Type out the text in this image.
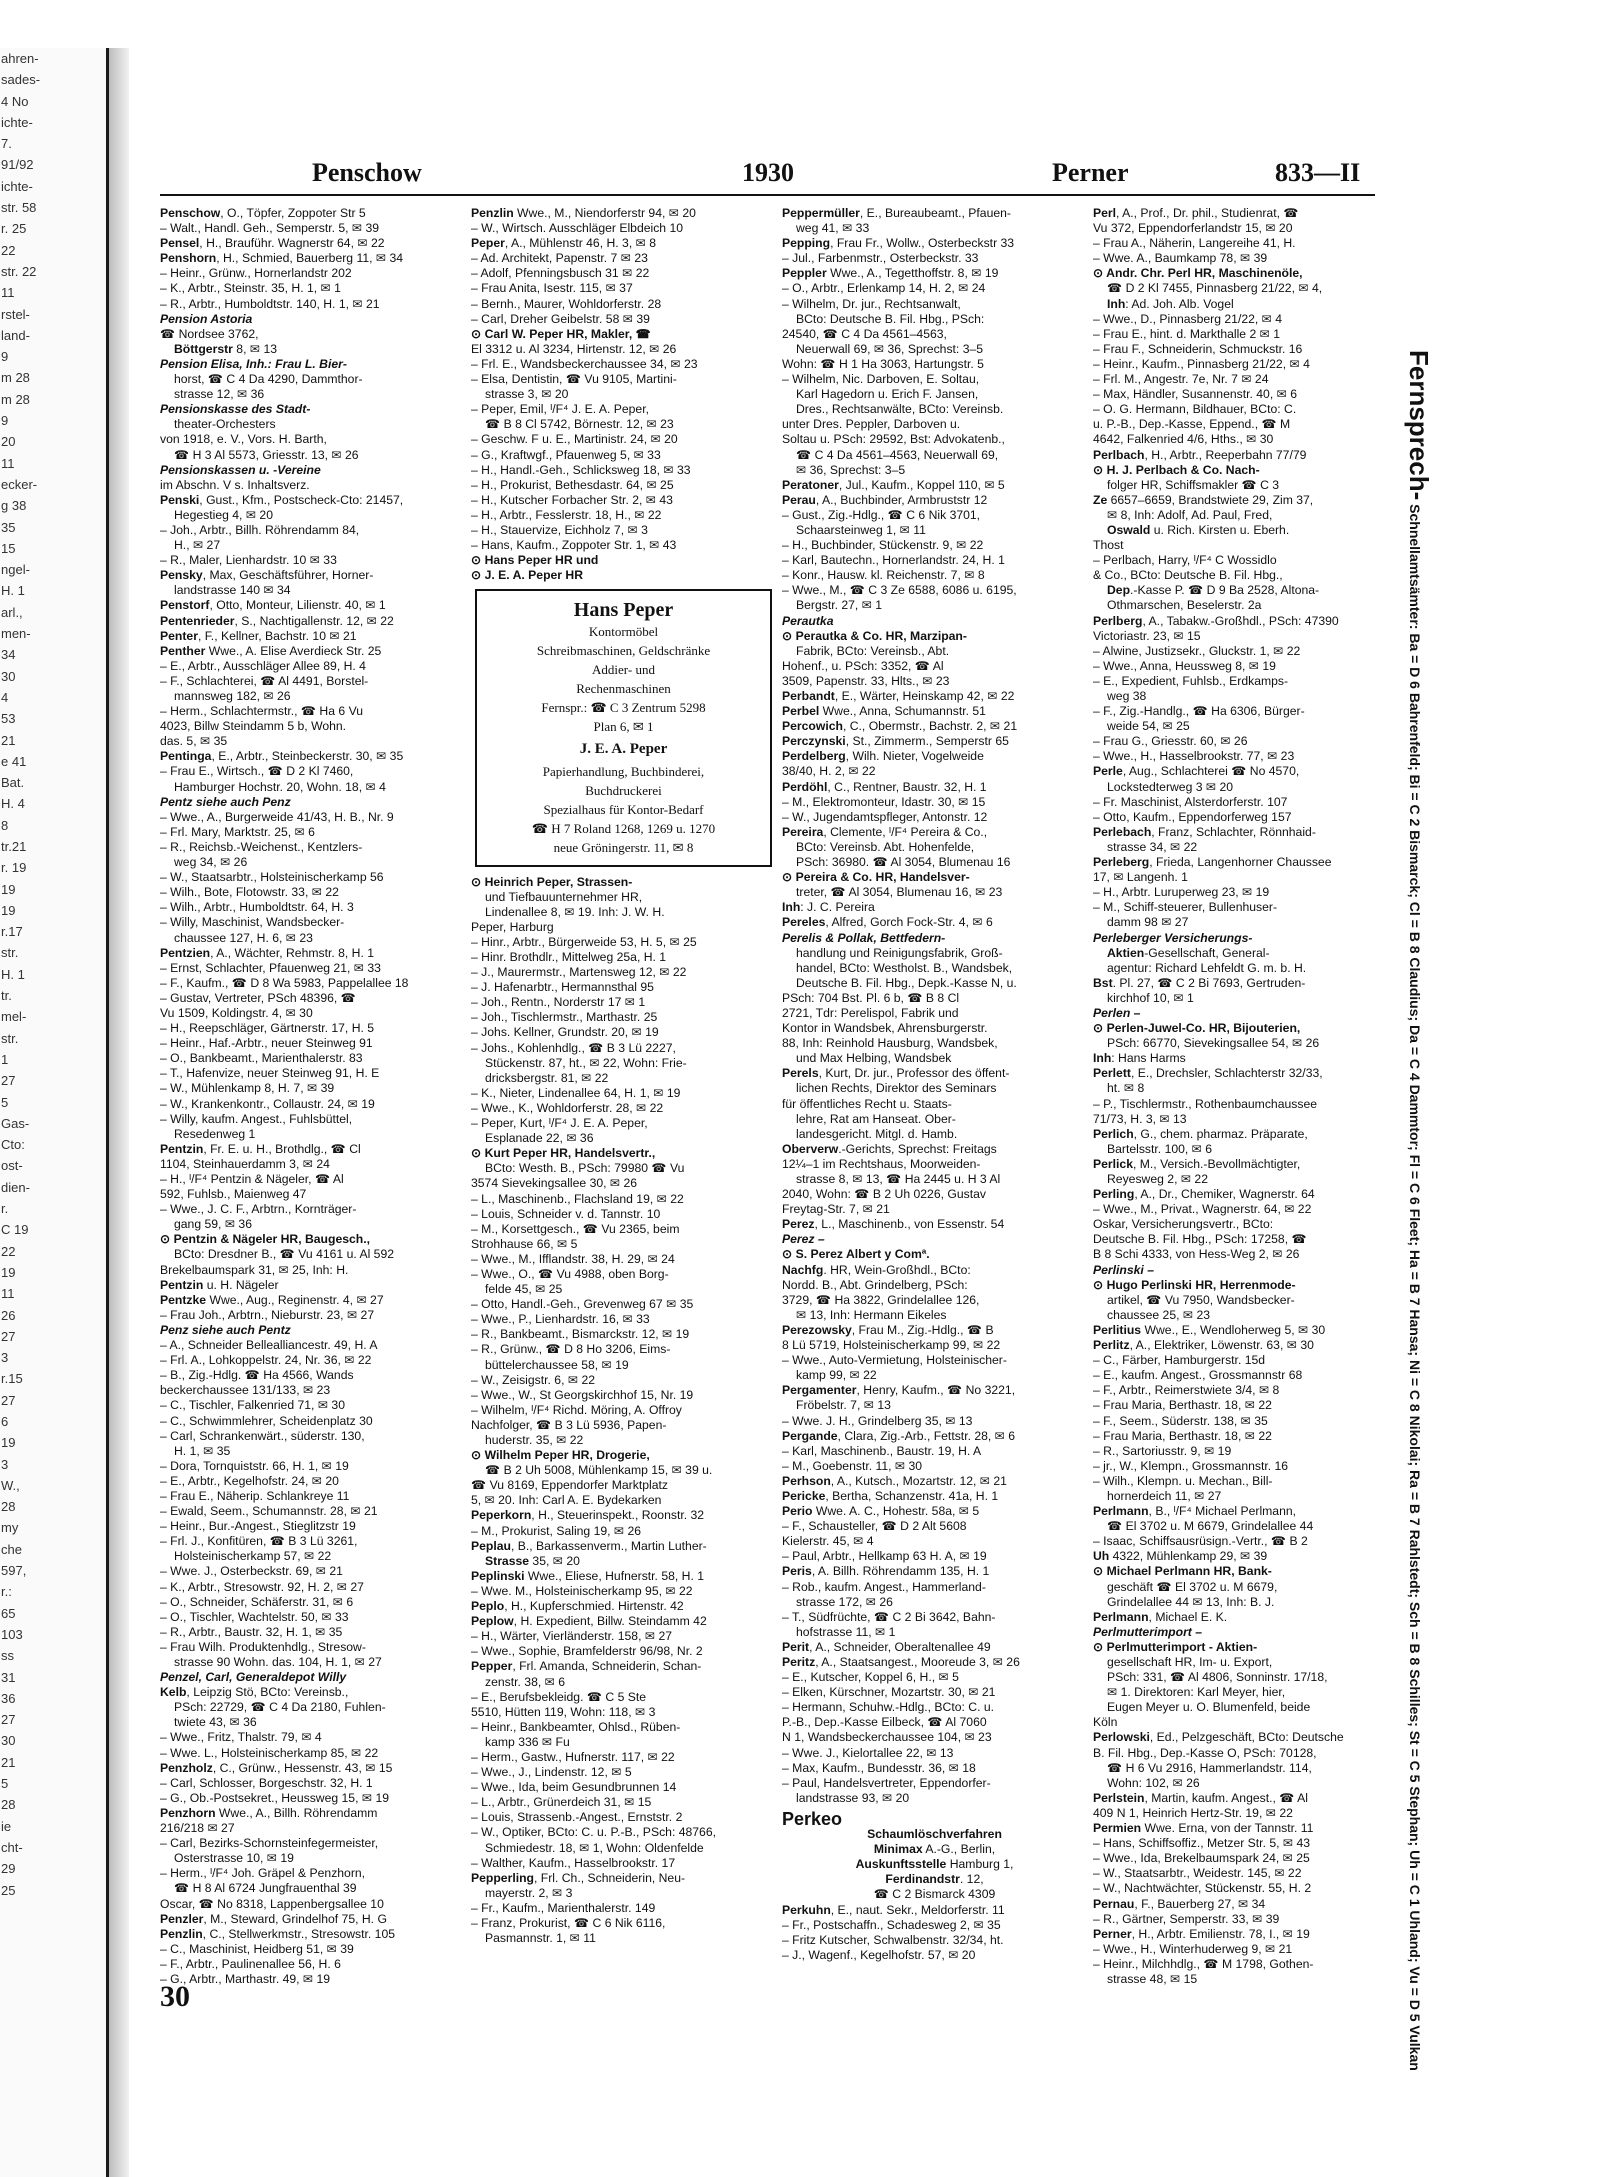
ahren-
sades-
4 No
ichte-
7.
91/92
ichte-
str. 58
r. 25
22
str. 22
11
rstel-
land-
9
m 28
m 28
9
20
11
ecker-
g 38
35
15
ngel-
H. 1
arl.,
men-
34
30
4
53
21
e 41
Bat.
H. 4
8
tr.21
r. 19
19
19
r.17
str.
H. 1
tr.
mel-
str.
1
27
5
Gas-
Cto:
ost-
dien-
r.
C 19
22
19
11
26
27
3
r.15
27
6
19
3
W.,
28
my
che
597,
r.:
65
103
ss
31
36
27
30
21
5
28
ie
cht-
29
25
Penschow	1930	Perner	833—II
Penschow, O., Töpfer, Zoppoter Str 5
– Walt., Handl. Geh., Semperstr. 5, ✉ 39
Pensel, H., Brauführ. Wagnerstr 64, ✉ 22
Penshorn, H., Schmied, Bauerberg 11, ✉ 34
– Heinr., Grünw., Hornerlandstr 202
– K., Arbtr., Steinstr. 35, H. 1, ✉ 1
– R., Arbtr., Humboldtstr. 140, H. 1, ✉ 21
Pension Astoria
☎ Nordsee 3762,
Böttgerstr 8, ✉ 13
Pension Elisa, Inh.: Frau L. Bier-
horst, ☎ C 4 Da 4290, Dammthor-
strasse 12, ✉ 36
Pensionskasse des Stadt-
theater-Orchesters
von 1918, e. V., Vors. H. Barth,
☎ H 3 Al 5573, Griesstr. 13, ✉ 26
Pensionskassen u. -Vereine
im Abschn. V s. Inhaltsverz.
Penski, Gust., Kfm., Postscheck-Cto: 21457,
Hegestieg 4, ✉ 20
– Joh., Arbtr., Billh. Röhrendamm 84,
H., ✉ 27
– R., Maler, Lienhardstr. 10 ✉ 33
Pensky, Max, Geschäftsführer, Horner-
landstrasse 140 ✉ 34
Penstorf, Otto, Monteur, Lilienstr. 40, ✉ 1
Pentenrieder, S., Nachtigallenstr. 12, ✉ 22
Penter, F., Kellner, Bachstr. 10 ✉ 21
Penther Wwe., A. Elise Averdieck Str. 25
– E., Arbtr., Ausschläger Allee 89, H. 4
– F., Schlachterei, ☎ Al 4491, Borstel-
mannsweg 182, ✉ 26
– Herm., Schlachtermstr., ☎ Ha 6 Vu
4023, Billw Steindamm 5 b, Wohn.
das. 5, ✉ 35
Pentinga, E., Arbtr., Steinbeckerstr. 30, ✉ 35
– Frau E., Wirtsch., ☎ D 2 Kl 7460,
Hamburger Hochstr. 20, Wohn. 18, ✉ 4
Pentz siehe auch Penz
– Wwe., A., Burgerweide 41/43, H. B., Nr. 9
– Frl. Mary, Marktstr. 25, ✉ 6
– R., Reichsb.-Weichenst., Kentzlers-
weg 34, ✉ 26
– W., Staatsarbtr., Holsteinischerkamp 56
– Wilh., Bote, Flotowstr. 33, ✉ 22
– Wilh., Arbtr., Humboldtstr. 64, H. 3
– Willy, Maschinist, Wandsbecker-
chaussee 127, H. 6, ✉ 23
Pentzien, A., Wächter, Rehmstr. 8, H. 1
– Ernst, Schlachter, Pfauenweg 21, ✉ 33
– F., Kaufm., ☎ D 8 Wa 5983, Pappelallee 18
– Gustav, Vertreter, PSch 48396, ☎
Vu 1509, Koldingstr. 4, ✉ 30
– H., Reepschläger, Gärtnerstr. 17, H. 5
– Heinr., Haf.-Arbtr., neuer Steinweg 91
– O., Bankbeamt., Marienthalerstr. 83
– T., Hafenvize, neuer Steinweg 91, H. E
– W., Mühlenkamp 8, H. 7, ✉ 39
– W., Krankenkontr., Collaustr. 24, ✉ 19
– Willy, kaufm. Angest., Fuhlsbüttel,
Resedenweg 1
Pentzin, Fr. E. u. H., Brothdlg., ☎ Cl
1104, Steinhauerdamm 3, ✉ 24
– H., ᴵ/F⁴ Pentzin & Nägeler, ☎ Al
592, Fuhlsb., Maienweg 47
– Wwe., J. C. F., Arbtrn., Kornträger-
gang 59, ✉ 36
⊙ Pentzin & Nägeler HR, Baugesch.,
BCto: Dresdner B., ☎ Vu 4161 u. Al 592
Brekelbaumspark 31, ✉ 25, Inh: H.
Pentzin u. H. Nägeler
Pentzke Wwe., Aug., Reginenstr. 4, ✉ 27
– Frau Joh., Arbtrn., Nieburstr. 23, ✉ 27
Penz siehe auch Pentz
– A., Schneider Bellealliancestr. 49, H. A
– Frl. A., Lohkoppelstr. 24, Nr. 36, ✉ 22
– B., Zig.-Hdlg. ☎ Ha 4566, Wands
beckerchaussee 131/133, ✉ 23
– C., Tischler, Falkenried 71, ✉ 30
– C., Schwimmlehrer, Scheidenplatz 30
– Carl, Schrankenwärt., süderstr. 130,
H. 1, ✉ 35
– Dora, Tornquiststr. 66, H. 1, ✉ 19
– E., Arbtr., Kegelhofstr. 24, ✉ 20
– Frau E., Näherip. Schlankreye 11
– Ewald, Seem., Schumannstr. 28, ✉ 21
– Heinr., Bur.-Angest., Stieglitzstr 19
– Frl. J., Konfitüren, ☎ B 3 Lü 3261,
Holsteinischerkamp 57, ✉ 22
– Wwe. J., Osterbeckstr. 69, ✉ 21
– K., Arbtr., Stresowstr. 92, H. 2, ✉ 27
– O., Schneider, Schäferstr. 31, ✉ 6
– O., Tischler, Wachtelstr. 50, ✉ 33
– R., Arbtr., Baustr. 32, H. 1, ✉ 35
– Frau Wilh. Produktenhdlg., Stresow-
strasse 90 Wohn. das. 104, H. 1, ✉ 27
Penzel, Carl, Generaldepot Willy
Kelb, Leipzig Stö, BCto: Vereinsb.,
PSch: 22729, ☎ C 4 Da 2180, Fuhlen-
twiete 43, ✉ 36
– Wwe., Fritz, Thalstr. 79, ✉ 4
– Wwe. L., Holsteinischerkamp 85, ✉ 22
Penzholz, C., Grünw., Hessenstr. 43, ✉ 15
– Carl, Schlosser, Borgeschstr. 32, H. 1
– G., Ob.-Postsekret., Heussweg 15, ✉ 19
Penzhorn Wwe., A., Billh. Röhrendamm
216/218 ✉ 27
– Carl, Bezirks-Schornsteinfegermeister,
Osterstrasse 10, ✉ 19
– Herm., ᴵ/F⁴ Joh. Gräpel & Penzhorn,
☎ H 8 Al 6724 Jungfrauenthal 39
Oscar, ☎ No 8318, Lappenbergsallee 10
Penzler, M., Steward, Grindelhof 75, H. G
Penzlin, C., Stellwerkmstr., Stresowstr. 105
– C., Maschinist, Heidberg 51, ✉ 39
– F., Arbtr., Paulinenallee 56, H. 6
– G., Arbtr., Marthastr. 49, ✉ 19
Penzlin Wwe., M., Niendorferstr 94, ✉ 20
– W., Wirtsch. Ausschläger Elbdeich 10
Peper, A., Mühlenstr 46, H. 3, ✉ 8
– Ad. Architekt, Papenstr. 7 ✉ 23
– Adolf, Pfenningsbusch 31 ✉ 22
– Frau Anita, Isestr. 115, ✉ 37
– Bernh., Maurer, Wohldorferstr. 28
– Carl, Dreher Geibelstr. 58 ✉ 39
⊙ Carl W. Peper HR, Makler, ☎
El 3312 u. Al 3234, Hirtenstr. 12, ✉ 26
– Frl. E., Wandsbeckerchaussee 34, ✉ 23
– Elsa, Dentistin, ☎ Vu 9105, Martini-
strasse 3, ✉ 20
– Peper, Emil, ᴵ/F⁴ J. E. A. Peper,
☎ B 8 Cl 5742, Börnestr. 12, ✉ 23
– Geschw. F u. E., Martinistr. 24, ✉ 20
– G., Kraftwgf., Pfauenweg 5, ✉ 33
– H., Handl.-Geh., Schlicksweg 18, ✉ 33
– H., Prokurist, Bethesdastr. 64, ✉ 25
– H., Kutscher Forbacher Str. 2, ✉ 43
– H., Arbtr., Fesslerstr. 18, H., ✉ 22
– H., Stauervize, Eichholz 7, ✉ 3
– Hans, Kaufm., Zoppoter Str. 1, ✉ 43
⊙ Hans Peper HR und
⊙ J. E. A. Peper HR
Hans Peper
Kontormöbel
Schreibmaschinen, Geldschränke
Addier- und
Rechenmaschinen
Fernspr.: ☎ C 3 Zentrum 5298
Plan 6, ✉ 1
J. E. A. Peper
Papierhandlung, Buchbinderei,
Buchdruckerei
Spezialhaus für Kontor-Bedarf
☎ H 7 Roland 1268, 1269 u. 1270
neue Gröningerstr. 11, ✉ 8
⊙ Heinrich Peper, Strassen-
und Tiefbauunternehmer HR,
Lindenallee 8, ✉ 19. Inh: J. W. H.
Peper, Harburg
– Hinr., Arbtr., Bürgerweide 53, H. 5, ✉ 25
– Hinr. Brothdlr., Mittelweg 25a, H. 1
– J., Maurermstr., Martensweg 12, ✉ 22
– J. Hafenarbtr., Hermannsthal 95
– Joh., Rentn., Norderstr 17 ✉ 1
– Joh., Tischlermstr., Marthastr. 25
– Johs. Kellner, Grundstr. 20, ✉ 19
– Johs., Kohlenhdlg., ☎ B 3 Lü 2227,
Stückenstr. 87, ht., ✉ 22, Wohn: Frie-
dricksbergstr. 81, ✉ 22
– K., Nieter, Lindenallee 64, H. 1, ✉ 19
– Wwe., K., Wohldorferstr. 28, ✉ 22
– Peper, Kurt, ᴵ/F⁴ J. E. A. Peper,
Esplanade 22, ✉ 36
⊙ Kurt Peper HR, Handelsvertr.,
BCto: Westh. B., PSch: 79980 ☎ Vu
3574 Sievekingsallee 30, ✉ 26
– L., Maschinenb., Flachsland 19, ✉ 22
– Louis, Schneider v. d. Tannstr. 10
– M., Korsettgesch., ☎ Vu 2365, beim
Strohhause 66, ✉ 5
– Wwe., M., Ifflandstr. 38, H. 29, ✉ 24
– Wwe., O., ☎ Vu 4988, oben Borg-
felde 45, ✉ 25
– Otto, Handl.-Geh., Grevenweg 67 ✉ 35
– Wwe., P., Lienhardstr. 16, ✉ 33
– R., Bankbeamt., Bismarckstr. 12, ✉ 19
– R., Grünw., ☎ D 8 Ho 3206, Eims-
büttelerchaussee 58, ✉ 19
– W., Zeisigstr. 6, ✉ 22
– Wwe., W., St Georgskirchhof 15, Nr. 19
– Wilhelm, ᴵ/F⁴ Richd. Möring, A. Offroy
Nachfolger, ☎ B 3 Lü 5936, Papen-
huderstr. 35, ✉ 22
⊙ Wilhelm Peper HR, Drogerie,
☎ B 2 Uh 5008, Mühlenkamp 15, ✉ 39 u.
☎ Vu 8169, Eppendorfer Marktplatz
5, ✉ 20. Inh: Carl A. E. Bydekarken
Peperkorn, H., Steuerinspekt., Roonstr. 32
– M., Prokurist, Saling 19, ✉ 26
Peplau, B., Barkassenverm., Martin Luther-
Strasse 35, ✉ 20
Peplinski Wwe., Eliese, Hufnerstr. 58, H. 1
– Wwe. M., Holsteinischerkamp 95, ✉ 22
Peplo, H., Kupferschmied. Hirtenstr. 42
Peplow, H. Expedient, Billw. Steindamm 42
– H., Wärter, Vierländerstr. 158, ✉ 27
– Wwe., Sophie, Bramfelderstr 96/98, Nr. 2
Pepper, Frl. Amanda, Schneiderin, Schan-
zenstr. 38, ✉ 6
– E., Berufsbekleidg. ☎ C 5 Ste
5510, Hütten 119, Wohn: 118, ✉ 3
– Heinr., Bankbeamter, Ohlsd., Rüben-
kamp 336 ✉ Fu
– Herm., Gastw., Hufnerstr. 117, ✉ 22
– Wwe., J., Lindenstr. 12, ✉ 5
– Wwe., Ida, beim Gesundbrunnen 14
– L., Arbtr., Grünerdeich 31, ✉ 15
– Louis, Strassenb.-Angest., Ernststr. 2
– W., Optiker, BCto: C. u. P.-B., PSch: 48766,
Schmiedestr. 18, ✉ 1, Wohn: Oldenfelde
– Walther, Kaufm., Hasselbrookstr. 17
Pepperling, Frl. Ch., Schneiderin, Neu-
mayerstr. 2, ✉ 3
– Fr., Kaufm., Marienthalerstr. 149
– Franz, Prokurist, ☎ C 6 Nik 6116,
Pasmannstr. 1, ✉ 11
Peppermüller, E., Bureaubeamt., Pfauen-
weg 41, ✉ 33
Pepping, Frau Fr., Wollw., Osterbeckstr 33
– Jul., Farbenmstr., Osterbeckstr. 33
Peppler Wwe., A., Tegetthoffstr. 8, ✉ 19
– O., Arbtr., Erlenkamp 14, H. 2, ✉ 24
– Wilhelm, Dr. jur., Rechtsanwalt,
BCto: Deutsche B. Fil. Hbg., PSch:
24540, ☎ C 4 Da 4561–4563,
Neuerwall 69, ✉ 36, Sprechst: 3–5
Wohn: ☎ H 1 Ha 3063, Hartungstr. 5
– Wilhelm, Nic. Darboven, E. Soltau,
Karl Hagedorn u. Erich F. Jansen,
Dres., Rechtsanwälte, BCto: Vereinsb.
unter Dres. Peppler, Darboven u.
Soltau u. PSch: 29592, Bst: Advokatenb.,
☎ C 4 Da 4561–4563, Neuerwall 69,
✉ 36, Sprechst: 3–5
Peratoner, Jul., Kaufm., Koppel 110, ✉ 5
Perau, A., Buchbinder, Armbruststr 12
– Gust., Zig.-Hdlg., ☎ C 6 Nik 3701,
Schaarsteinweg 1, ✉ 11
– H., Buchbinder, Stückenstr. 9, ✉ 22
– Karl, Bautechn., Hornerlandstr. 24, H. 1
– Konr., Hausw. kl. Reichenstr. 7, ✉ 8
– Wwe., M., ☎ C 3 Ze 6588, 6086 u. 6195,
Bergstr. 27, ✉ 1
Perautka
⊙ Perautka & Co. HR, Marzipan-
Fabrik, BCto: Vereinsb., Abt.
Hohenf., u. PSch: 3352, ☎ Al
3509, Papenstr. 33, Hlts., ✉ 23
Perbandt, E., Wärter, Heinskamp 42, ✉ 22
Perbel Wwe., Anna, Schumannstr. 51
Percowich, C., Obermstr., Bachstr. 2, ✉ 21
Perczynski, St., Zimmerm., Semperstr 65
Perdelberg, Wilh. Nieter, Vogelweide
38/40, H. 2, ✉ 22
Perdöhl, C., Rentner, Baustr. 32, H. 1
– M., Elektromonteur, Idastr. 30, ✉ 15
– W., Jugendamtspfleger, Antonstr. 12
Pereira, Clemente, ᴵ/F⁴ Pereira & Co.,
BCto: Vereinsb. Abt. Hohenfelde,
PSch: 36980. ☎ Al 3054, Blumenau 16
⊙ Pereira & Co. HR, Handelsver-
treter, ☎ Al 3054, Blumenau 16, ✉ 23
Inh: J. C. Pereira
Pereles, Alfred, Gorch Fock-Str. 4, ✉ 6
Perelis & Pollak, Bettfedern-
handlung und Reinigungsfabrik, Groß-
handel, BCto: Westholst. B., Wandsbek,
Deutsche B. Fil. Hbg., Depk.-Kasse N, u.
PSch: 704 Bst. Pl. 6 b, ☎ B 8 Cl
2721, Tdr: Perelispol, Fabrik und
Kontor in Wandsbek, Ahrensburgerstr.
88, Inh: Reinhold Hausburg, Wandsbek,
und Max Helbing, Wandsbek
Perels, Kurt, Dr. jur., Professor des öffent-
lichen Rechts, Direktor des Seminars
für öffentliches Recht u. Staats-
lehre, Rat am Hanseat. Ober-
landesgericht. Mitgl. d. Hamb.
Oberverw.-Gerichts, Sprechst: Freitags
12¼–1 im Rechtshaus, Moorweiden-
strasse 8, ✉ 13, ☎ Ha 2445 u. H 3 Al
2040, Wohn: ☎ B 2 Uh 0226, Gustav
Freytag-Str. 7, ✉ 21
Perez, L., Maschinenb., von Essenstr. 54
Perez –
⊙ S. Perez Albert y Comª.
Nachfg. HR, Wein-Großhdl., BCto:
Nordd. B., Abt. Grindelberg, PSch:
3729, ☎ Ha 3822, Grindelallee 126,
✉ 13, Inh: Hermann Eikeles
Perezowsky, Frau M., Zig.-Hdlg., ☎ B
8 Lü 5719, Holsteinischerkamp 99, ✉ 22
– Wwe., Auto-Vermietung, Holsteinischer-
kamp 99, ✉ 22
Pergamenter, Henry, Kaufm., ☎ No 3221,
Fröbelstr. 7, ✉ 13
– Wwe. J. H., Grindelberg 35, ✉ 13
Pergande, Clara, Zig.-Arb., Fettstr. 28, ✉ 6
– Karl, Maschinenb., Baustr. 19, H. A
– M., Goebenstr. 11, ✉ 30
Perhson, A., Kutsch., Mozartstr. 12, ✉ 21
Pericke, Bertha, Schanzenstr. 41a, H. 1
Perio Wwe. A. C., Hohestr. 58a, ✉ 5
– F., Schausteller, ☎ D 2 Alt 5608
Kielerstr. 45, ✉ 4
– Paul, Arbtr., Hellkamp 63 H. A, ✉ 19
Peris, A. Billh. Röhrendamm 135, H. 1
– Rob., kaufm. Angest., Hammerland-
strasse 172, ✉ 26
– T., Südfrüchte, ☎ C 2 Bi 3642, Bahn-
hofstrasse 11, ✉ 1
Perit, A., Schneider, Oberaltenallee 49
Peritz, A., Staatsangest., Mooreude 3, ✉ 26
– E., Kutscher, Koppel 6, H., ✉ 5
– Elken, Kürschner, Mozartstr. 30, ✉ 21
– Hermann, Schuhw.-Hdlg., BCto: C. u.
P.-B., Dep.-Kasse Eilbeck, ☎ Al 7060
N 1, Wandsbeckerchaussee 104, ✉ 23
– Wwe. J., Kielortallee 22, ✉ 13
– Max, Kaufm., Bundesstr. 36, ✉ 18
– Paul, Handelsvertreter, Eppendorfer-
landstrasse 93, ✉ 20
Perkeo
Schaumlöschverfahren
Minimax A.-G., Berlin,
Auskunftsstelle Hamburg 1,
Ferdinandstr. 12,
☎ C 2 Bismarck 4309
Perkuhn, E., naut. Sekr., Meldorferstr. 11
– Fr., Postschaffn., Schadesweg 2, ✉ 35
– Fritz Kutscher, Schwalbenstr. 32/34, ht.
– J., Wagenf., Kegelhofstr. 57, ✉ 20
Perl, A., Prof., Dr. phil., Studienrat, ☎
Vu 372, Eppendorferlandstr 15, ✉ 20
– Frau A., Näherin, Langereihe 41, H.
– Wwe. A., Baumkamp 78, ✉ 39
⊙ Andr. Chr. Perl HR, Maschinenöle,
☎ D 2 Kl 7455, Pinnasberg 21/22, ✉ 4,
Inh: Ad. Joh. Alb. Vogel
– Wwe., D., Pinnasberg 21/22, ✉ 4
– Frau E., hint. d. Markthalle 2 ✉ 1
– Frau F., Schneiderin, Schmuckstr. 16
– Heinr., Kaufm., Pinnasberg 21/22, ✉ 4
– Frl. M., Angestr. 7e, Nr. 7 ✉ 24
– Max, Händler, Susannenstr. 40, ✉ 6
– O. G. Hermann, Bildhauer, BCto: C.
u. P.-B., Dep.-Kasse, Eppend., ☎ M
4642, Falkenried 4/6, Hths., ✉ 30
Perlbach, H., Arbtr., Reeperbahn 77/79
⊙ H. J. Perlbach & Co. Nach-
folger HR, Schiffsmakler ☎ C 3
Ze 6657–6659, Brandstwiete 29, Zim 37,
✉ 8, Inh: Adolf, Ad. Paul, Fred,
Oswald u. Rich. Kirsten u. Eberh.
Thost
– Perlbach, Harry, ᴵ/F⁴ C Wossidlo
& Co., BCto: Deutsche B. Fil. Hbg.,
Dep.-Kasse P. ☎ D 9 Ba 2528, Altona-
Othmarschen, Beselerstr. 2a
Perlberg, A., Tabakw.-Großhdl., PSch: 47390
Victoriastr. 23, ✉ 15
– Alwine, Justizsekr., Gluckstr. 1, ✉ 22
– Wwe., Anna, Heussweg 8, ✉ 19
– E., Expedient, Fuhlsb., Erdkamps-
weg 38
– F., Zig.-Handlg., ☎ Ha 6306, Bürger-
weide 54, ✉ 25
– Frau G., Griesstr. 60, ✉ 26
– Wwe., H., Hasselbrookstr. 77, ✉ 23
Perle, Aug., Schlachterei ☎ No 4570,
Lockstedterweg 3 ✉ 20
– Fr. Maschinist, Alsterdorferstr. 107
– Otto, Kaufm., Eppendorferweg 157
Perlebach, Franz, Schlachter, Rönnhaid-
strasse 34, ✉ 22
Perleberg, Frieda, Langenhorner Chaussee
17, ✉ Langenh. 1
– H., Arbtr. Luruperweg 23, ✉ 19
– M., Schiff-steuerer, Bullenhuser-
damm 98 ✉ 27
Perleberger Versicherungs-
Aktien-Gesellschaft, General-
agentur: Richard Lehfeldt G. m. b. H.
Bst. Pl. 27, ☎ C 2 Bi 7693, Gertruden-
kirchhof 10, ✉ 1
Perlen –
⊙ Perlen-Juwel-Co. HR, Bijouterien,
PSch: 66770, Sievekingsallee 54, ✉ 26
Inh: Hans Harms
Perlett, E., Drechsler, Schlachterstr 32/33,
ht. ✉ 8
– P., Tischlermstr., Rothenbaumchaussee
71/73, H. 3, ✉ 13
Perlich, G., chem. pharmaz. Präparate,
Bartelsstr. 100, ✉ 6
Perlick, M., Versich.-Bevollmächtigter,
Reyesweg 2, ✉ 22
Perling, A., Dr., Chemiker, Wagnerstr. 64
– Wwe., M., Privat., Wagnerstr. 64, ✉ 22
Oskar, Versicherungsvertr., BCto:
Deutsche B. Fil. Hbg., PSch: 17258, ☎
B 8 Schi 4333, von Hess-Weg 2, ✉ 26
Perlinski –
⊙ Hugo Perlinski HR, Herrenmode-
artikel, ☎ Vu 7950, Wandsbecker-
chaussee 25, ✉ 23
Perlitius Wwe., E., Wendloherweg 5, ✉ 30
Perlitz, A., Elektriker, Löwenstr. 63, ✉ 30
– C., Färber, Hamburgerstr. 15d
– E., kaufm. Angest., Grossmannstr 68
– F., Arbtr., Reimerstwiete 3/4, ✉ 8
– Frau Maria, Berthastr. 18, ✉ 22
– F., Seem., Süderstr. 138, ✉ 35
– Frau Maria, Berthastr. 18, ✉ 22
– R., Sartoriusstr. 9, ✉ 19
– jr., W., Klempn., Grossmannstr. 16
– Wilh., Klempn. u. Mechan., Bill-
hornerdeich 11, ✉ 27
Perlmann, B., ᴵ/F⁴ Michael Perlmann,
☎ El 3702 u. M 6679, Grindelallee 44
– Isaac, Schiffsausrüsign.-Vertr., ☎ B 2
Uh 4322, Mühlenkamp 29, ✉ 39
⊙ Michael Perlmann HR, Bank-
geschäft ☎ El 3702 u. M 6679,
Grindelallee 44 ✉ 13, Inh: B. J.
Perlmann, Michael E. K.
Perlmutterimport –
⊙ Perlmutterimport - Aktien-
gesellschaft HR, Im- u. Export,
PSch: 331, ☎ Al 4806, Sonninstr. 17/18,
✉ 1. Direktoren: Karl Meyer, hier,
Eugen Meyer u. O. Blumenfeld, beide
Köln
Perlowski, Ed., Pelzgeschäft, BCto: Deutsche
B. Fil. Hbg., Dep.-Kasse O, PSch: 70128,
☎ H 6 Vu 2916, Hammerlandstr. 114,
Wohn: 102, ✉ 26
Perlstein, Martin, kaufm. Angest., ☎ Al
409 N 1, Heinrich Hertz-Str. 19, ✉ 22
Permien Wwe. Erna, von der Tannstr. 11
– Hans, Schiffsoffiz., Metzer Str. 5, ✉ 43
– Wwe., Ida, Brekelbaumspark 24, ✉ 25
– W., Staatsarbtr., Weidestr. 145, ✉ 22
– W., Nachtwächter, Stückenstr. 55, H. 2
Pernau, F., Bauerberg 27, ✉ 34
– R., Gärtner, Semperstr. 33, ✉ 39
Perner, H., Arbtr. Emilienstr. 78, I., ✉ 19
– Wwe., H., Winterhuderweg 9, ✉ 21
– Heinr., Milchhdlg., ☎ M 1798, Gothen-
strasse 48, ✉ 15
Fernsprech- Schnellamtsämter: Ba = D 6 Bahrenfeld; Bi = C 2 Bismarck; Cl = B 8 Claudius; Da = C 4 Dammtor; Fl = C 6 Fleet; Ha = B 7 Hansa; Ni = C 8 Nikolai; Ra = B 7 Rahlstedt; Sch = B 8 Schilles; St = C 5 Stephan; Uh = C 1 Uhland; Vu = D 5 Vulkan
30
